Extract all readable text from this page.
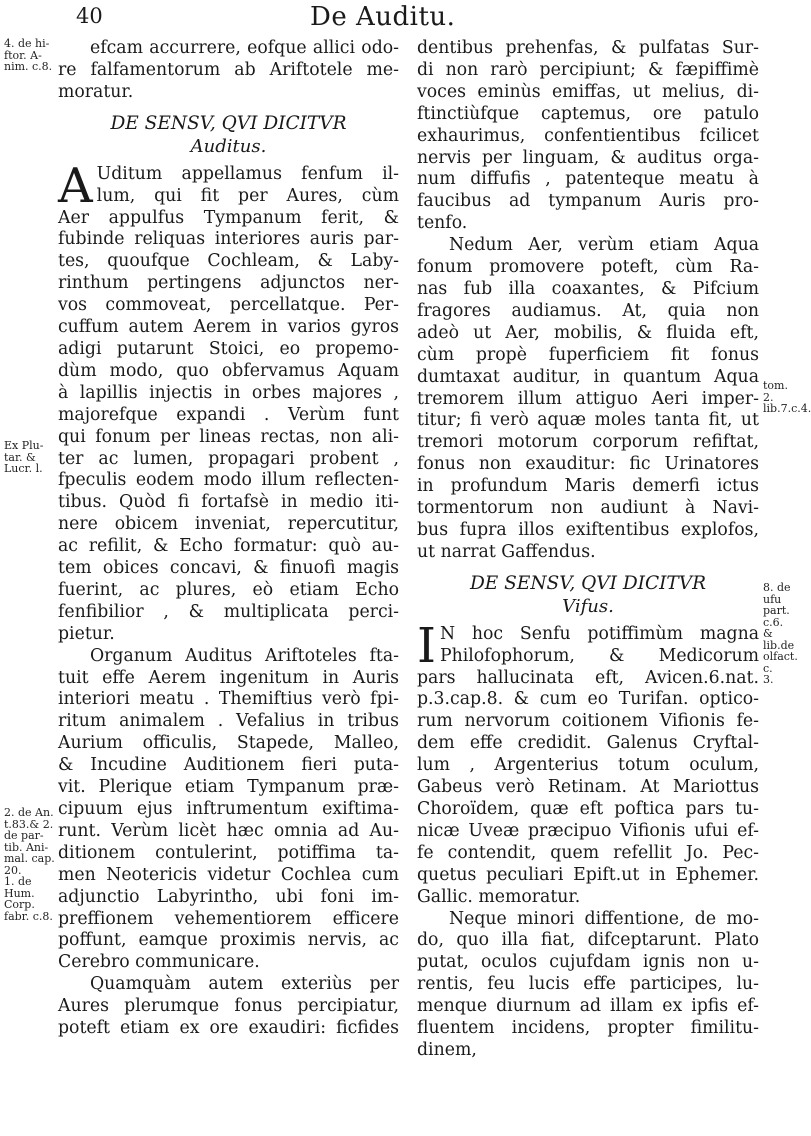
40	De Auditu.
4. de hi-
ftor. A-
nim. c.8.
Ex Plu-
tar. &
Lucr. l.
2. de An.
t.83.& 2.
de par-
tib. Ani-
mal. cap.
20.
1. de
Hum.
Corp.
fabr. c.8.
tom. 2.
lib.7.c.4.
8. de ufu
part. c.6.
& lib.de
olfact. c.
3.
efcam accurrere, eofque allici odo-
re falfamentorum ab Ariftotele me-
moratur.
DE SENSV, QVI DICITVR
Auditus.
A Uditum appellamus fenfum il-
lum, qui fit per Aures, cùm
Aer appulfus Tympanum ferit, &
fubinde reliquas interiores auris par-
tes, quoufque Cochleam, & Laby-
rinthum pertingens adjunctos ner-
vos commoveat, percellatque. Per-
cuffum autem Aerem in varios gyros
adigi putarunt Stoici, eo propemo-
dùm modo, quo obfervamus Aquam
à lapillis injectis in orbes majores ,
majorefque expandi . Verùm funt
qui fonum per lineas rectas, non ali-
ter ac lumen, propagari probent ,
fpeculis eodem modo illum reflecten-
tibus. Quòd fi fortafsè in medio iti-
nere obicem inveniat, repercutitur,
ac refilit, & Echo formatur: quò au-
tem obices concavi, & finuofi magis
fuerint, ac plures, eò etiam Echo
fenfibilior , & multiplicata perci-
pietur.
Organum Auditus Ariftoteles fta-
tuit effe Aerem ingenitum in Auris
interiori meatu . Themiftius verò fpi-
ritum animalem . Vefalius in tribus
Aurium officulis, Stapede, Malleo,
& Incudine Auditionem fieri puta-
vit. Plerique etiam Tympanum præ-
cipuum ejus inftrumentum exiftima-
runt. Verùm licèt hæc omnia ad Au-
ditionem contulerint, potiffima ta-
men Neotericis videtur Cochlea cum
adjunctio Labyrintho, ubi foni im-
preffionem vehementiorem efficere
poffunt, eamque proximis nervis, ac
Cerebro communicare.
Quamquàm autem exteriùs per
Aures plerumque fonus percipiatur,
poteft etiam ex ore exaudiri: ficfides
dentibus prehenfas, & pulfatas Sur-
di non rarò percipiunt; & fæpiffimè
voces eminùs emiffas, ut melius, di-
ftinctiùfque captemus, ore patulo
exhaurimus, confentientibus fcilicet
nervis per linguam, & auditus orga-
num diffufis , patenteque meatu à
faucibus ad tympanum Auris pro-
tenfo.
Nedum Aer, verùm etiam Aqua
fonum promovere poteft, cùm Ra-
nas fub illa coaxantes, & Pifcium
fragores audiamus. At, quia non
adeò ut Aer, mobilis, & fluida eft,
cùm propè fuperficiem fit fonus
dumtaxat auditur, in quantum Aqua
tremorem illum attiguo Aeri imper-
titur; fi verò aquæ moles tanta fit, ut
tremori motorum corporum refiftat,
fonus non exauditur: fic Urinatores
in profundum Maris demerfi ictus
tormentorum non audiunt à Navi-
bus fupra illos exiftentibus explofos,
ut narrat Gaffendus.
DE SENSV, QVI DICITVR
Vifus.
I N hoc Senfu potiffimùm magna
Philofophorum, & Medicorum
pars hallucinata eft, Avicen.6.nat.
p.3.cap.8. & cum eo Turifan. optico-
rum nervorum coitionem Vifionis fe-
dem effe credidit. Galenus Cryftal-
lum , Argenterius totum oculum,
Gabeus verò Retinam. At Mariottus
Choroïdem, quæ eft poftica pars tu-
nicæ Uveæ præcipuo Vifionis ufui ef-
fe contendit, quem refellit Jo. Pec-
quetus peculiari Epift.ut in Ephemer.
Gallic. memoratur.
Neque minori diffentione, de mo-
do, quo illa fiat, difceptarunt. Plato
putat, oculos cujufdam ignis non u-
rentis, feu lucis effe participes, lu-
menque diurnum ad illam ex ipfis ef-
fluentem incidens, propter fimilitu-
dinem,
